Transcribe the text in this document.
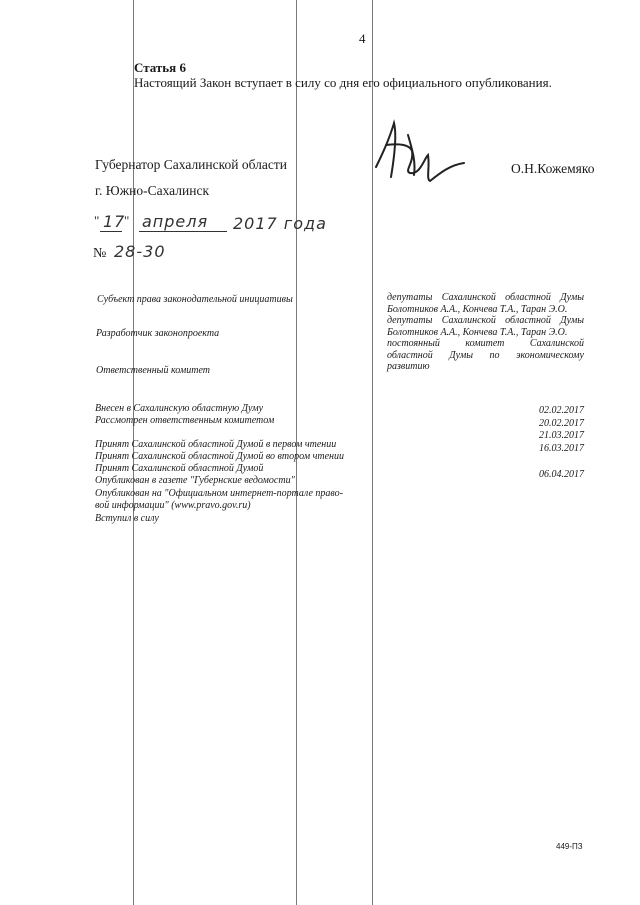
4
Статья 6
Настоящий Закон вступает в силу со дня его официального опубликования.
Губернатор Сахалинской области	О.Н.Кожемяко
г. Южно-Сахалинск
" 17
" апреля 2017 года
№ 28-30
Субъект права законодательной инициативы
Разработчик законопроекта
Ответственный комитет
Внесен в Сахалинскую областную Думу
Рассмотрен ответственным комитетом
Принят Сахалинской областной Думой в первом чтении
Принят Сахалинской областной Думой во втором чтении
Принят Сахалинской областной Думой
Опубликован в газете "Губернские ведомости"
Опубликован на "Официальном интернет-портале право-
вой информации" (www.pravo.gov.ru)
Вступил в силу

депутаты Сахалинской областной Думы Болотников А.А., Кончева Т.А., Таран Э.О.

депутаты Сахалинской областной Думы Болотников А.А., Кончева Т.А., Таран Э.О.

постоянный комитет Сахалинской областной Думы по экономическому развитию

02.02.2017
20.02.2017
21.03.2017
16.03.2017
06.04.2017
449-ПЗ
